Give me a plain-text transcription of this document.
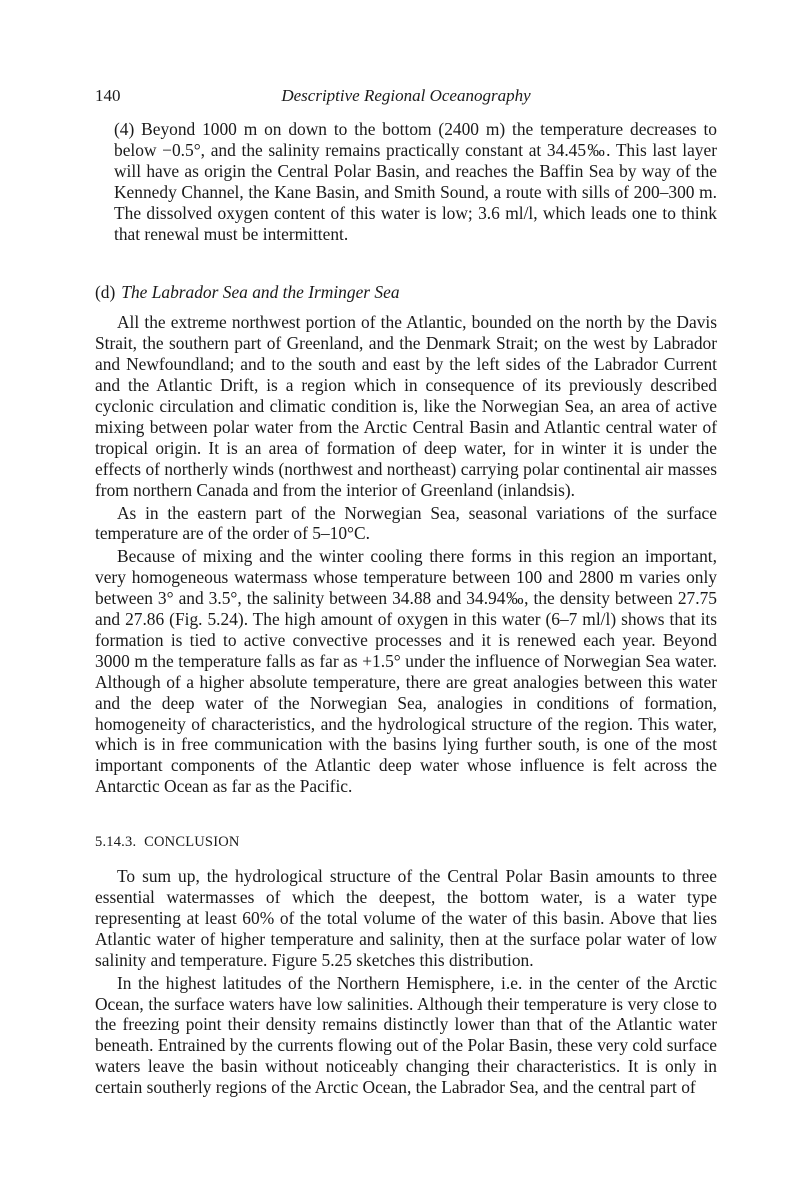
140	Descriptive Regional Oceanography

(4) Beyond 1000 m on down to the bottom (2400 m) the temperature decreases to below −0.5°, and the salinity remains practically constant at 34.45‰. This last layer will have as origin the Central Polar Basin, and reaches the Baffin Sea by way of the Kennedy Channel, the Kane Basin, and Smith Sound, a route with sills of 200–300 m. The dissolved oxygen content of this water is low; 3.6 ml/l, which leads one to think that renewal must be intermittent.

(d) The Labrador Sea and the Irminger Sea

All the extreme northwest portion of the Atlantic, bounded on the north by the Davis Strait, the southern part of Greenland, and the Denmark Strait; on the west by Labrador and Newfoundland; and to the south and east by the left sides of the Labrador Current and the Atlantic Drift, is a region which in consequence of its previously described cyclonic circulation and climatic condition is, like the Norwegian Sea, an area of active mixing between polar water from the Arctic Central Basin and Atlantic central water of tropical origin. It is an area of formation of deep water, for in winter it is under the effects of northerly winds (northwest and northeast) carrying polar continental air masses from northern Canada and from the interior of Greenland (inlandsis).

As in the eastern part of the Norwegian Sea, seasonal variations of the surface temperature are of the order of 5–10°C.

Because of mixing and the winter cooling there forms in this region an important, very homogeneous watermass whose temperature between 100 and 2800 m varies only between 3° and 3.5°, the salinity between 34.88 and 34.94‰, the density between 27.75 and 27.86 (Fig. 5.24). The high amount of oxygen in this water (6–7 ml/l) shows that its formation is tied to active convective processes and it is renewed each year. Beyond 3000 m the temperature falls as far as +1.5° under the influence of Norwegian Sea water. Although of a higher absolute temperature, there are great analogies between this water and the deep water of the Norwegian Sea, analogies in conditions of formation, homogeneity of characteristics, and the hydrological structure of the region. This water, which is in free communication with the basins lying further south, is one of the most important components of the Atlantic deep water whose influence is felt across the Antarctic Ocean as far as the Pacific.

5.14.3. CONCLUSION

To sum up, the hydrological structure of the Central Polar Basin amounts to three essential watermasses of which the deepest, the bottom water, is a water type representing at least 60% of the total volume of the water of this basin. Above that lies Atlantic water of higher temperature and salinity, then at the surface polar water of low salinity and temperature. Figure 5.25 sketches this distribution.

In the highest latitudes of the Northern Hemisphere, i.e. in the center of the Arctic Ocean, the surface waters have low salinities. Although their temperature is very close to the freezing point their density remains distinctly lower than that of the Atlantic water beneath. Entrained by the currents flowing out of the Polar Basin, these very cold surface waters leave the basin without noticeably changing their characteristics. It is only in certain southerly regions of the Arctic Ocean, the Labrador Sea, and the central part of
